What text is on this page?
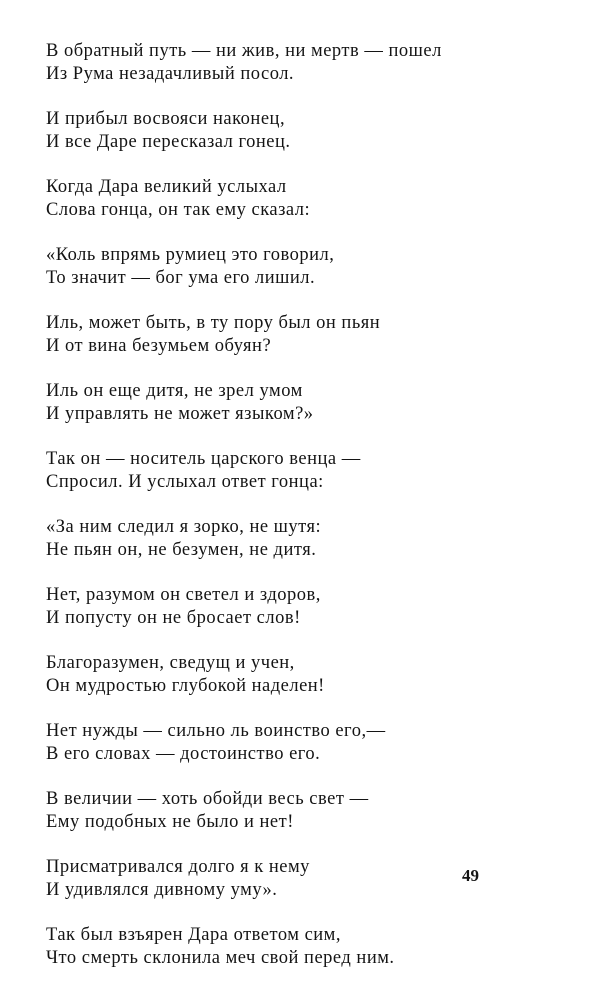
В обратный путь — ни жив, ни мертв — пошел
Из Рума незадачливый посол.
И прибыл восвояси наконец,
И все Даре пересказал гонец.
Когда Дара великий услыхал
Слова гонца, он так ему сказал:
«Коль впрямь румиец это говорил,
То значит — бог ума его лишил.
Иль, может быть, в ту пору был он пьян
И от вина безумьем обуян?
Иль он еще дитя, не зрел умом
И управлять не может языком?»
Так он — носитель царского венца —
Спросил. И услыхал ответ гонца:
«За ним следил я зорко, не шутя:
Не пьян он, не безумен, не дитя.
Нет, разумом он светел и здоров,
И попусту он не бросает слов!
Благоразумен, сведущ и учен,
Он мудростью глубокой наделен!
Нет нужды — сильно ль воинство его,—
В его словах — достоинство его.
В величии — хоть обойди весь свет —
Ему подобных не было и нет!
Присматривался долго я к нему
И удивлялся дивному уму».
Так был взъярен Дара ответом сим,
Что смерть склонила меч свой перед ним.
49
